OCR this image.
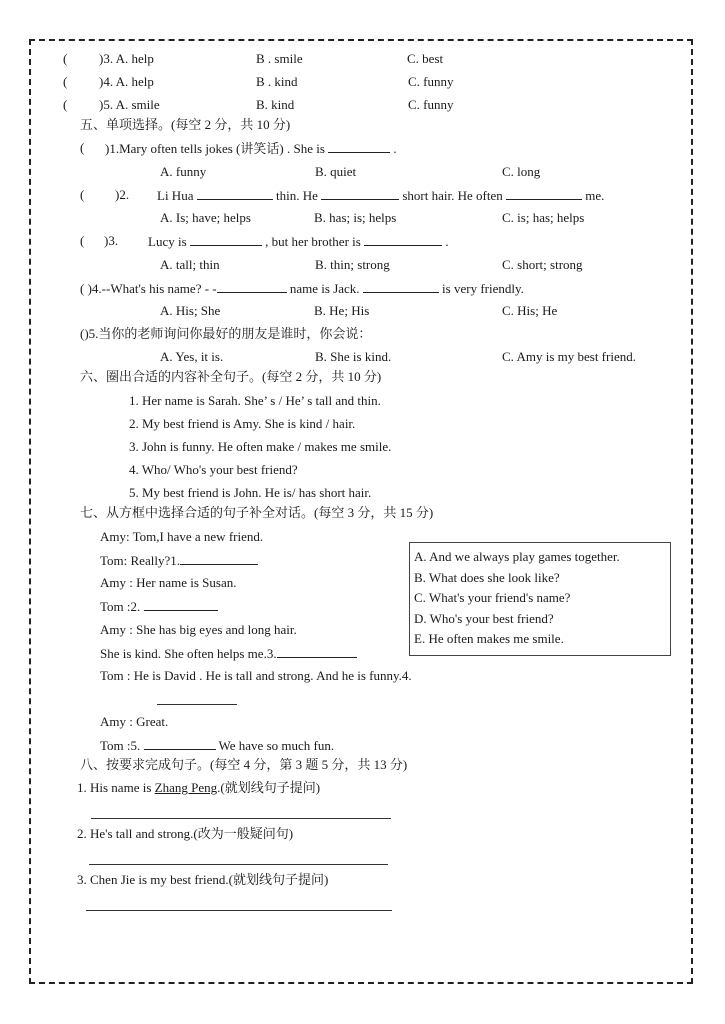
( )3. A. help	B . smile	C. best
( )4. A. help	B . kind	C. funny
( )5. A. smile	B. kind	C. funny
五、单项选择。(每空 2 分，共 10 分)
( )1.Mary often tells jokes (讲笑话) . She is	.
A. funny	B. quiet	C. long
( )2. Li Hua	thin. He	short hair. He often	me.
A. Is; have; helps	B. has; is; helps	C. is; has; helps
( )3. Lucy is	, but her brother is	.
A. tall; thin	B. thin; strong	C. short; strong
( )4.--What's his name? - -	name is Jack.	is very friendly.
A. His; She	B. He; His	C. His; He
()5.当你的老师询问你最好的朋友是谁时，你会说：
A. Yes, it is.	B. She is kind.	C. Amy is my best friend.
六、圈出合适的内容补全句子。(每空 2 分，共 10 分)
1. Her name is Sarah. She’ s / He’ s tall and thin.
2. My best friend is Amy. She is kind / hair.
3. John is funny. He often make / makes me smile.
4. Who/ Who's your best friend?
5. My best friend is John. He is/ has short hair.
七、从方框中选择合适的句子补全对话。(每空 3 分，共 15 分)
Amy: Tom,I have a new friend.
Tom: Really?1.
Amy : Her name is Susan.
Tom :2.
Amy : She has big eyes and long hair.
She is kind. She often helps me.3.
Tom : He is David . He is tall and strong. And he is funny.4.
Amy : Great.
Tom :5.	We have so much fun.
A. And we always play games together.
B. What does she look like?
C. What's your friend's name?
D. Who's your best friend?
E. He often makes me smile.
八、按要求完成句子。(每空 4 分，第 3 题 5 分，共 13 分)
1. His name is Zhang Peng.(就划线句子提问)
2. He's tall and strong.(改为一般疑问句)
3. Chen Jie is my best friend.(就划线句子提问)
